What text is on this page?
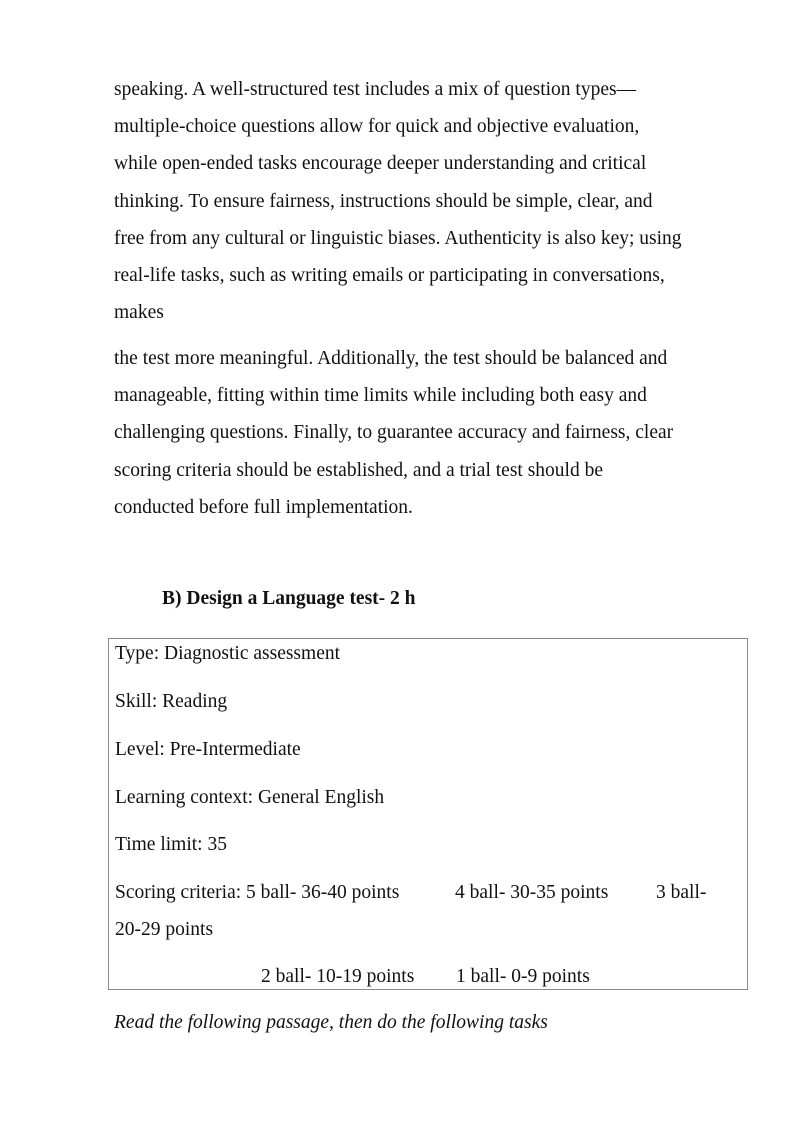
speaking. A well-structured test includes a mix of question types—
multiple-choice questions allow for quick and objective evaluation,
while open-ended tasks encourage deeper understanding and critical
thinking. To ensure fairness, instructions should be simple, clear, and
free from any cultural or linguistic biases. Authenticity is also key; using
real-life tasks, such as writing emails or participating in conversations,
makes

the test more meaningful. Additionally, the test should be balanced and
manageable, fitting within time limits while including both easy and
challenging questions. Finally, to guarantee accuracy and fairness, clear
scoring criteria should be established, and a trial test should be
conducted before full implementation.

B) Design a Language test- 2 h
Type: Diagnostic assessment
Skill: Reading
Level: Pre-Intermediate
Learning context: General English
Time limit: 35
Scoring criteria: 5 ball- 36-40 points	4 ball- 30-35 points 3 ball-
20-29 points
2 ball- 10-19 points 1 ball- 0-9 points

Read the following passage, then do the following tasks
